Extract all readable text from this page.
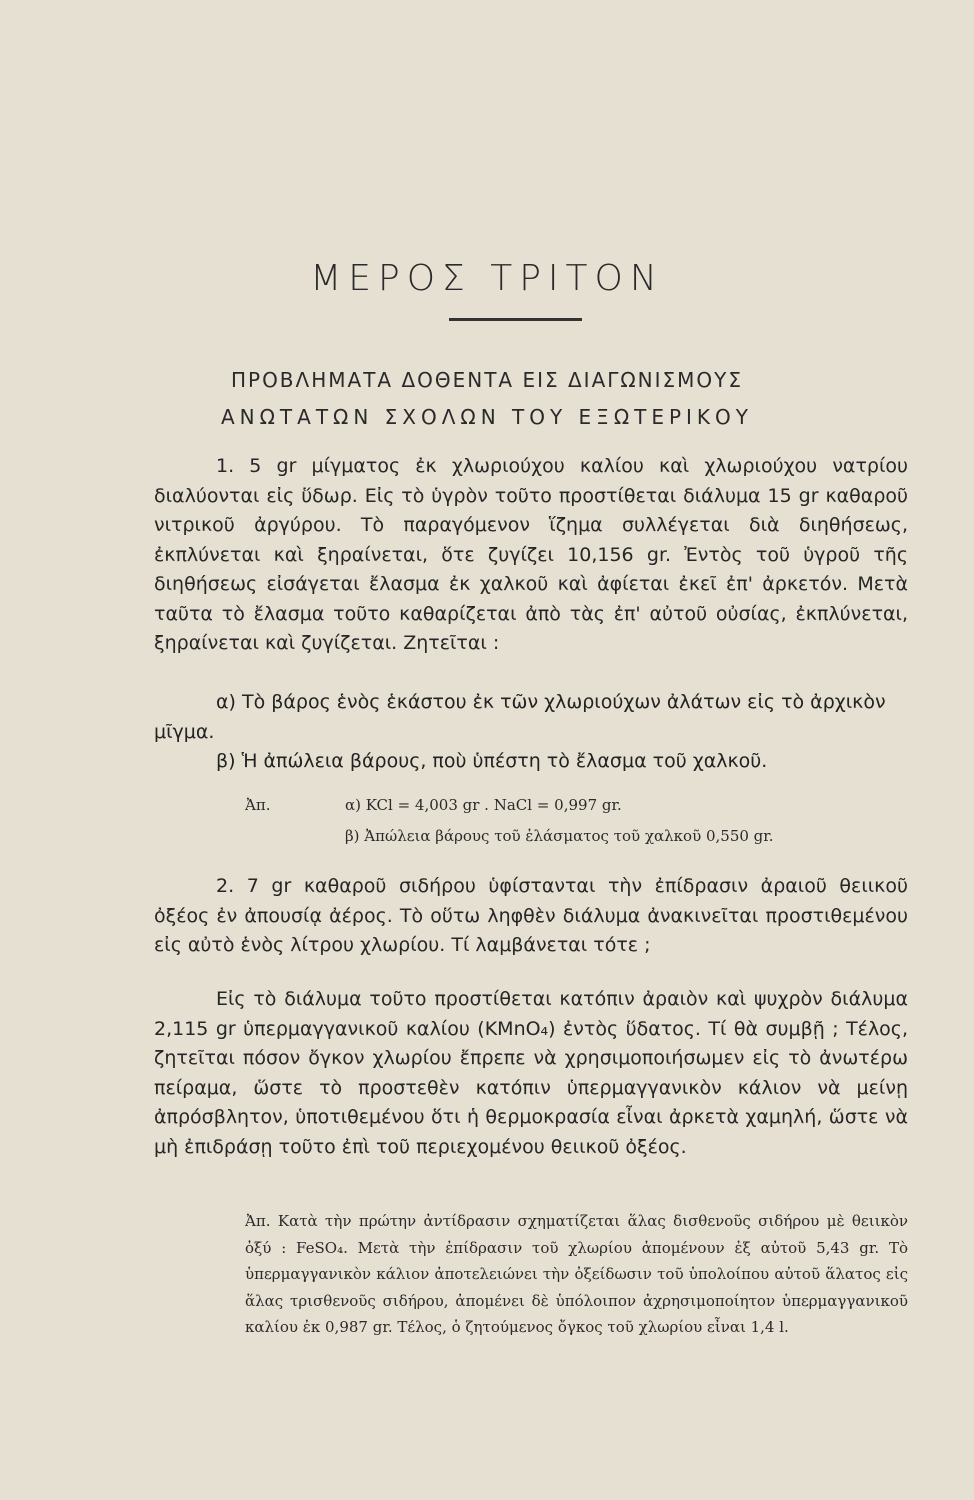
ΜΕΡΟΣ ΤΡΙΤΟΝ
ΠΡΟΒΛΗΜΑΤΑ ΔΟΘΕΝΤΑ ΕΙΣ ΔΙΑΓΩΝΙΣΜΟΥΣ
ΑΝΩΤΑΤΩΝ ΣΧΟΛΩΝ ΤΟΥ ΕΞΩΤΕΡΙΚΟΥ
1. 5 gr μίγματος ἐκ χλωριούχου καλίου καὶ χλωριούχου νατρίου διαλύονται εἰς ὕδωρ. Εἰς τὸ ὑγρὸν τοῦτο προστίθεται διάλυμα 15 gr καθαροῦ νιτρικοῦ ἀργύρου. Τὸ παραγόμενον ἵζημα συλλέγεται διὰ διηθήσεως, ἐκπλύνεται καὶ ξηραίνεται, ὅτε ζυγίζει 10,156 gr. Ἐντὸς τοῦ ὑγροῦ τῆς διηθήσεως εἰσάγεται ἔλασμα ἐκ χαλκοῦ καὶ ἀφίεται ἐκεῖ ἐπ' ἀρκετόν. Μετὰ ταῦτα τὸ ἔλασμα τοῦτο καθαρίζεται ἀπὸ τὰς ἐπ' αὐτοῦ οὐσίας, ἐκπλύνεται, ξηραίνεται καὶ ζυγίζεται. Ζητεῖται :
α) Τὸ βάρος ἑνὸς ἑκάστου ἐκ τῶν χλωριούχων ἀλάτων εἰς τὸ ἀρχικὸν μῖγμα.
β) Ἡ ἀπώλεια βάρους, ποὺ ὑπέστη τὸ ἔλασμα τοῦ χαλκοῦ.
Ἀπ.	α) KCl = 4,003 gr . NaCl = 0,997 gr.
β) Ἀπώλεια βάρους τοῦ ἐλάσματος τοῦ χαλκοῦ 0,550 gr.
2. 7 gr καθαροῦ σιδήρου ὑφίστανται τὴν ἐπίδρασιν ἀραιοῦ θειικοῦ ὀξέος ἐν ἀπουσίᾳ ἀέρος. Τὸ οὕτω ληφθὲν διάλυμα ἀνακινεῖται προστιθεμένου εἰς αὐτὸ ἑνὸς λίτρου χλωρίου. Τί λαμβάνεται τότε ;
Εἰς τὸ διάλυμα τοῦτο προστίθεται κατόπιν ἀραιὸν καὶ ψυχρὸν διάλυμα 2,115 gr ὑπερμαγγανικοῦ καλίου (KMnO₄) ἐντὸς ὕδατος. Τί θὰ συμβῇ ; Τέλος, ζητεῖται πόσον ὄγκον χλωρίου ἔπρεπε νὰ χρησιμοποιήσωμεν εἰς τὸ ἀνωτέρω πείραμα, ὥστε τὸ προστεθὲν κατόπιν ὑπερμαγγανικὸν κάλιον νὰ μείνῃ ἀπρόσβλητον, ὑποτιθεμένου ὅτι ἡ θερμοκρασία εἶναι ἀρκετὰ χαμηλή, ὥστε νὰ μὴ ἐπιδράσῃ τοῦτο ἐπὶ τοῦ περιεχομένου θειικοῦ ὀξέος.
Ἀπ. Κατὰ τὴν πρώτην ἀντίδρασιν σχηματίζεται ἅλας δισθενοῦς σιδήρου μὲ θειικὸν ὀξύ : FeSO₄. Μετὰ τὴν ἐπίδρασιν τοῦ χλωρίου ἀπομένουν ἐξ αὐτοῦ 5,43 gr. Τὸ ὑπερμαγγανικὸν κάλιον ἀποτελειώνει τὴν ὀξείδωσιν τοῦ ὑπολοίπου αὐτοῦ ἅλατος εἰς ἅλας τρισθενοῦς σιδήρου, ἀπομένει δὲ ὑπόλοιπον ἀχρησιμοποίητον ὑπερμαγγανικοῦ καλίου ἐκ 0,987 gr. Τέλος, ὁ ζητούμενος ὄγκος τοῦ χλωρίου εἶναι 1,4 l.
